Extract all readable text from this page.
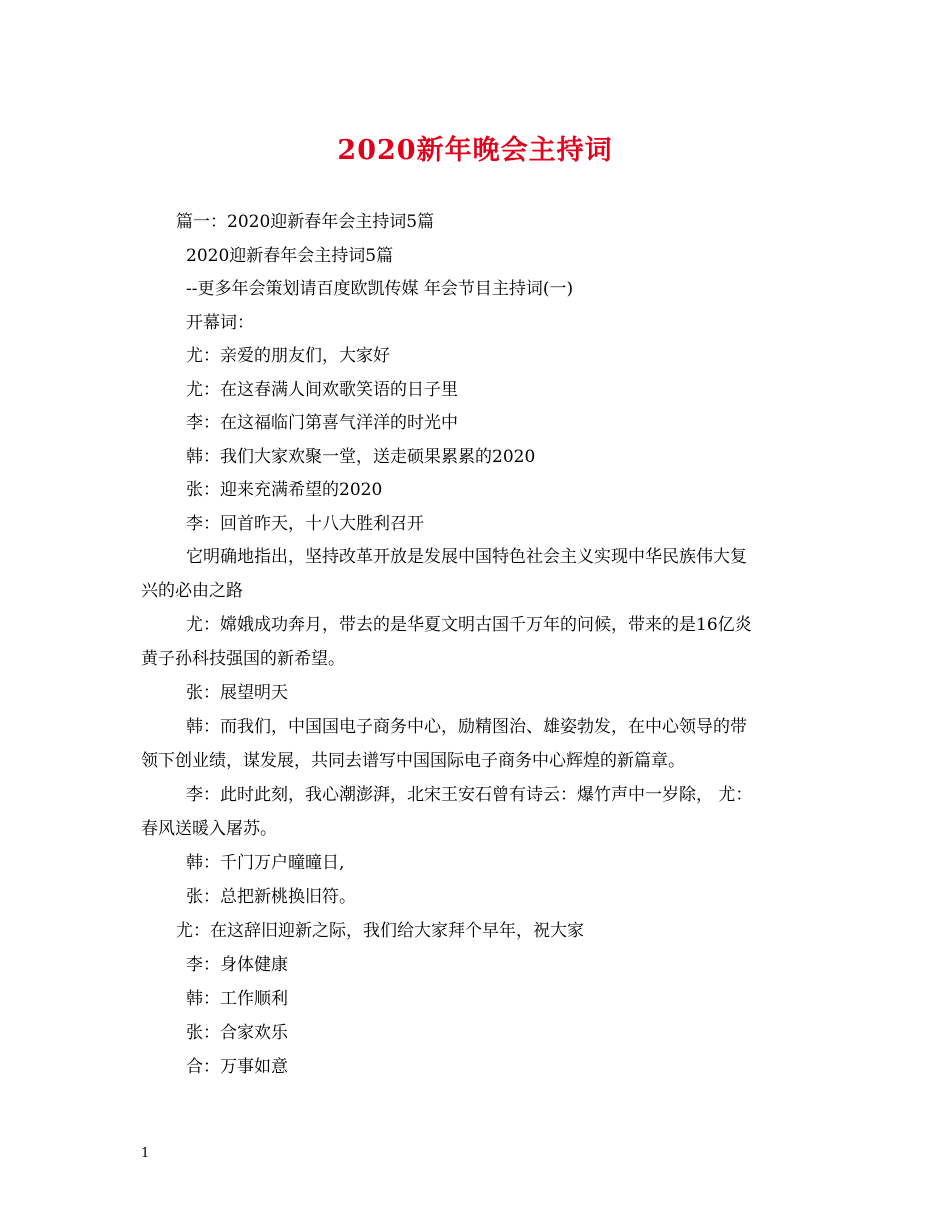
2020新年晚会主持词
篇一：2020迎新春年会主持词5篇
2020迎新春年会主持词5篇
--更多年会策划请百度欧凯传媒 年会节目主持词(一)
开幕词：
尤：亲爱的朋友们，大家好
尤：在这春满人间欢歌笑语的日子里
李：在这福临门第喜气洋洋的时光中
韩：我们大家欢聚一堂，送走硕果累累的2020
张：迎来充满希望的2020
李：回首昨天，十八大胜利召开
它明确地指出，坚持改革开放是发展中国特色社会主义实现中华民族伟大复
兴的必由之路
尤：嫦娥成功奔月，带去的是华夏文明古国千万年的问候，带来的是16亿炎
黄子孙科技强国的新希望。
张：展望明天
韩：而我们，中国国电子商务中心，励精图治、雄姿勃发，在中心领导的带
领下创业绩，谋发展，共同去谱写中国国际电子商务中心辉煌的新篇章。
李：此时此刻，我心潮澎湃，北宋王安石曾有诗云：爆竹声中一岁除， 尤：
春风送暖入屠苏。
韩：千门万户曈曈日,
张：总把新桃换旧符。
尤：在这辞旧迎新之际，我们给大家拜个早年，祝大家
李：身体健康
韩：工作顺利
张：合家欢乐
合：万事如意
1
